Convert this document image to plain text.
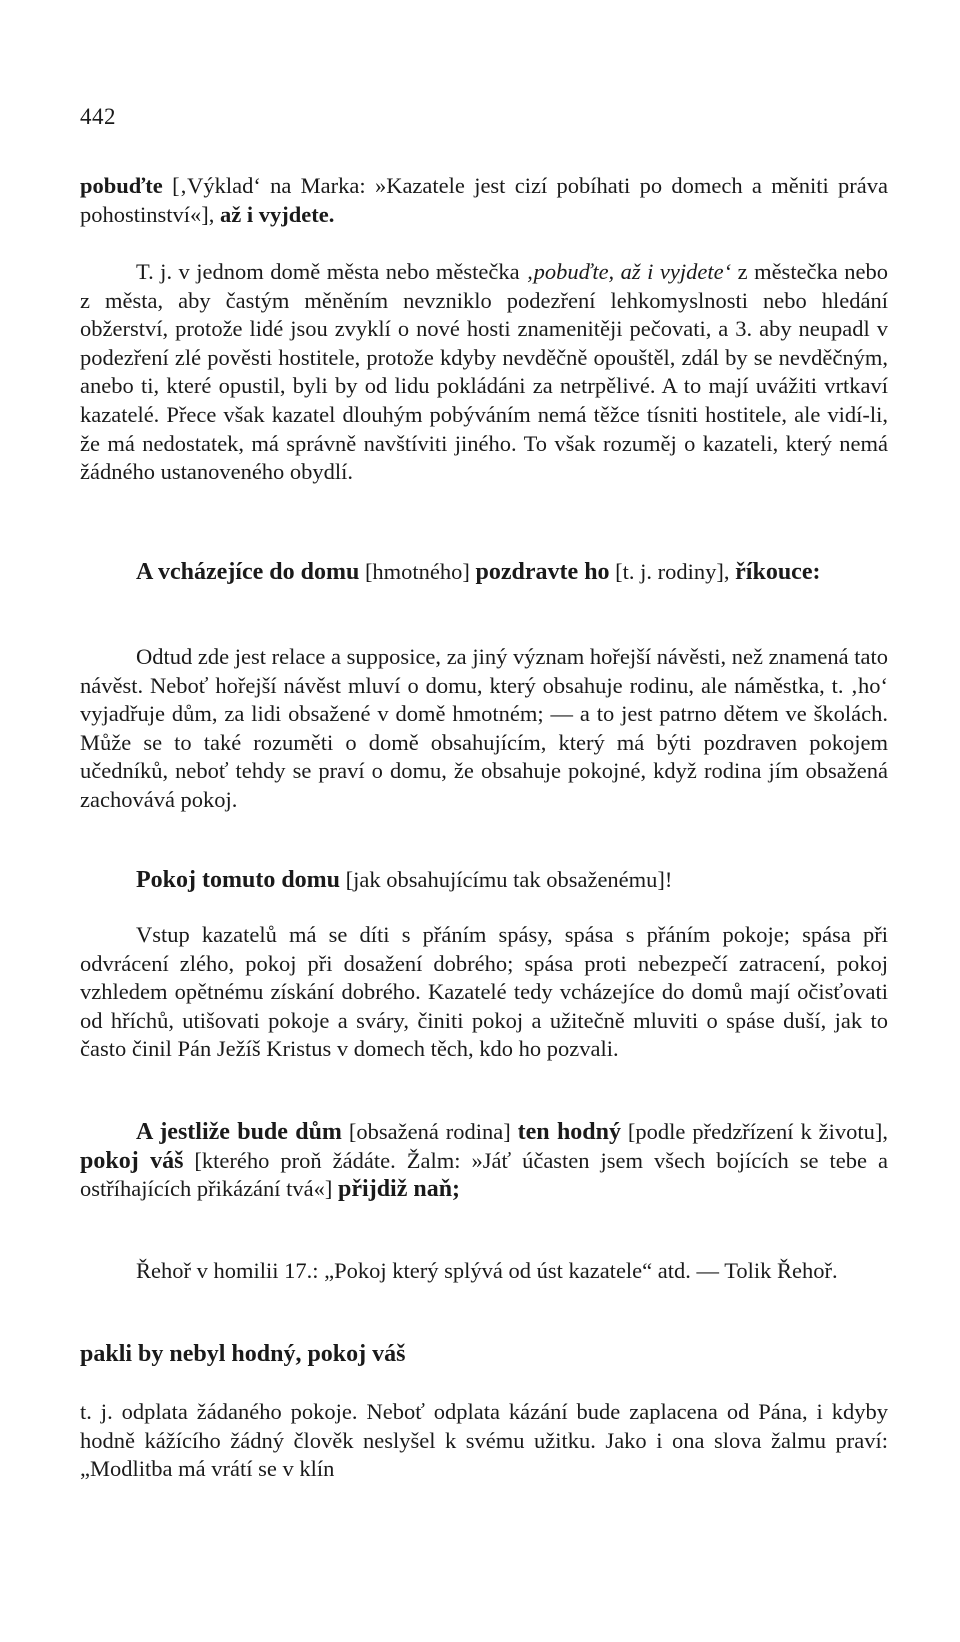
442

pobuďte [‚Výklad‘ na Marka: »Kazatele jest cizí pobíhati po domech a měniti práva pohostinství«], až i vyjdete.

T. j. v jednom domě města nebo městečka ‚pobuďte, až i vyjdete‘ z městečka nebo z města, aby častým měněním nevzniklo podezření lehkomyslnosti nebo hledání obžerství, protože lidé jsou zvyklí o nové hosti znamenitěji pečovati, a 3. aby neupadl v podezření zlé pověsti hostitele, protože kdyby nevděčně opouštěl, zdál by se nevděčným, anebo ti, které opustil, byli by od lidu pokládáni za netrpělivé. A to mají uvážiti vrtkaví kazatelé. Přece však kazatel dlouhým pobýváním nemá těžce tísniti hostitele, ale vidí-li, že má nedostatek, má správně navštíviti jiného. To však rozuměj o kazateli, který nemá žádného ustanoveného obydlí.

A vcházejíce do domu [hmotného] pozdravte ho [t. j. rodiny], říkouce:

Odtud zde jest relace a supposice, za jiný význam hořejší návěsti, než znamená tato návěst. Neboť hořejší návěst mluví o domu, který obsahuje rodinu, ale náměstka, t. ‚ho‘ vyjadřuje dům, za lidi obsažené v domě hmotném; — a to jest patrno dětem ve školách. Může se to také rozuměti o domě obsahujícím, který má býti pozdraven pokojem učedníků, neboť tehdy se praví o domu, že obsahuje pokojné, když rodina jím obsažená zachovává pokoj.

Pokoj tomuto domu [jak obsahujícímu tak obsaženému]!

Vstup kazatelů má se díti s přáním spásy, spása s přáním pokoje; spása při odvrácení zlého, pokoj při dosažení dobrého; spása proti nebezpečí zatracení, pokoj vzhledem opětnému získání dobrého. Kazatelé tedy vcházejíce do domů mají očisťovati od hříchů, utišovati pokoje a sváry, činiti pokoj a užitečně mluviti o spáse duší, jak to často činil Pán Ježíš Kristus v domech těch, kdo ho pozvali.

A jestliže bude dům [obsažená rodina] ten hodný [podle předzřízení k životu], pokoj váš [kterého proň žádáte. Žalm: »Jáť účasten jsem všech bojících se tebe a ostříhajících přikázání tvá«] přijdiž naň;

Řehoř v homilii 17.: „Pokoj který splývá od úst kazatele“ atd. — Tolik Řehoř.

pakli by nebyl hodný, pokoj váš

t. j. odplata žádaného pokoje. Neboť odplata kázání bude zaplacena od Pána, i kdyby hodně kážícího žádný člověk neslyšel k svému užitku. Jako i ona slova žalmu praví: „Modlitba má vrátí se v klín
